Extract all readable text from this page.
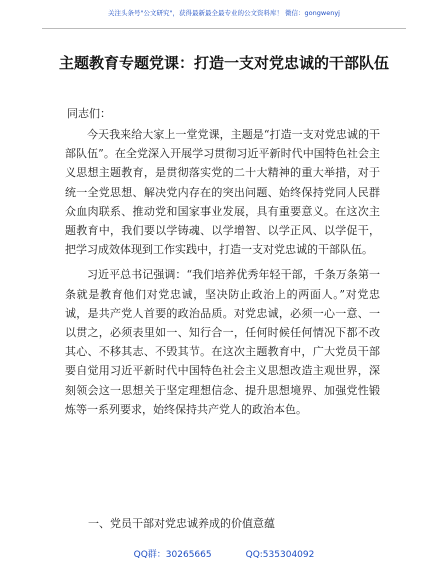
关注头条号"公文研究"，获得最新最全最专业的公文资料库！ 微信：gongwenyj
主题教育专题党课：打造一支对党忠诚的干部队伍
同志们：

今天我来给大家上一堂党课，主题是“打造一支对党忠诚的干部队伍”。在全党深入开展学习贯彻习近平新时代中国特色社会主义思想主题教育，是贯彻落实党的二十大精神的重大举措，对于统一全党思想、解决党内存在的突出问题、始终保持党同人民群众血肉联系、推动党和国家事业发展，具有重要意义。在这次主题教育中，我们要以学铸魂、以学增智、以学正风、以学促干，把学习成效体现到工作实践中，打造一支对党忠诚的干部队伍。

习近平总书记强调：“我们培养优秀年轻干部，千条万条第一条就是教育他们对党忠诚，坚决防止政治上的两面人。”对党忠诚，是共产党人首要的政治品质。对党忠诚，必须一心一意、一以贯之，必须表里如一、知行合一，任何时候任何情况下都不改其心、不移其志、不毁其节。在这次主题教育中，广大党员干部要自觉用习近平新时代中国特色社会主义思想改造主观世界，深刻领会这一思想关于坚定理想信念、提升思想境界、加强党性锻炼等一系列要求，始终保持共产党人的政治本色。

一、党员干部对党忠诚养成的价值意蕴
QQ群：30265665	QQ:535304092
